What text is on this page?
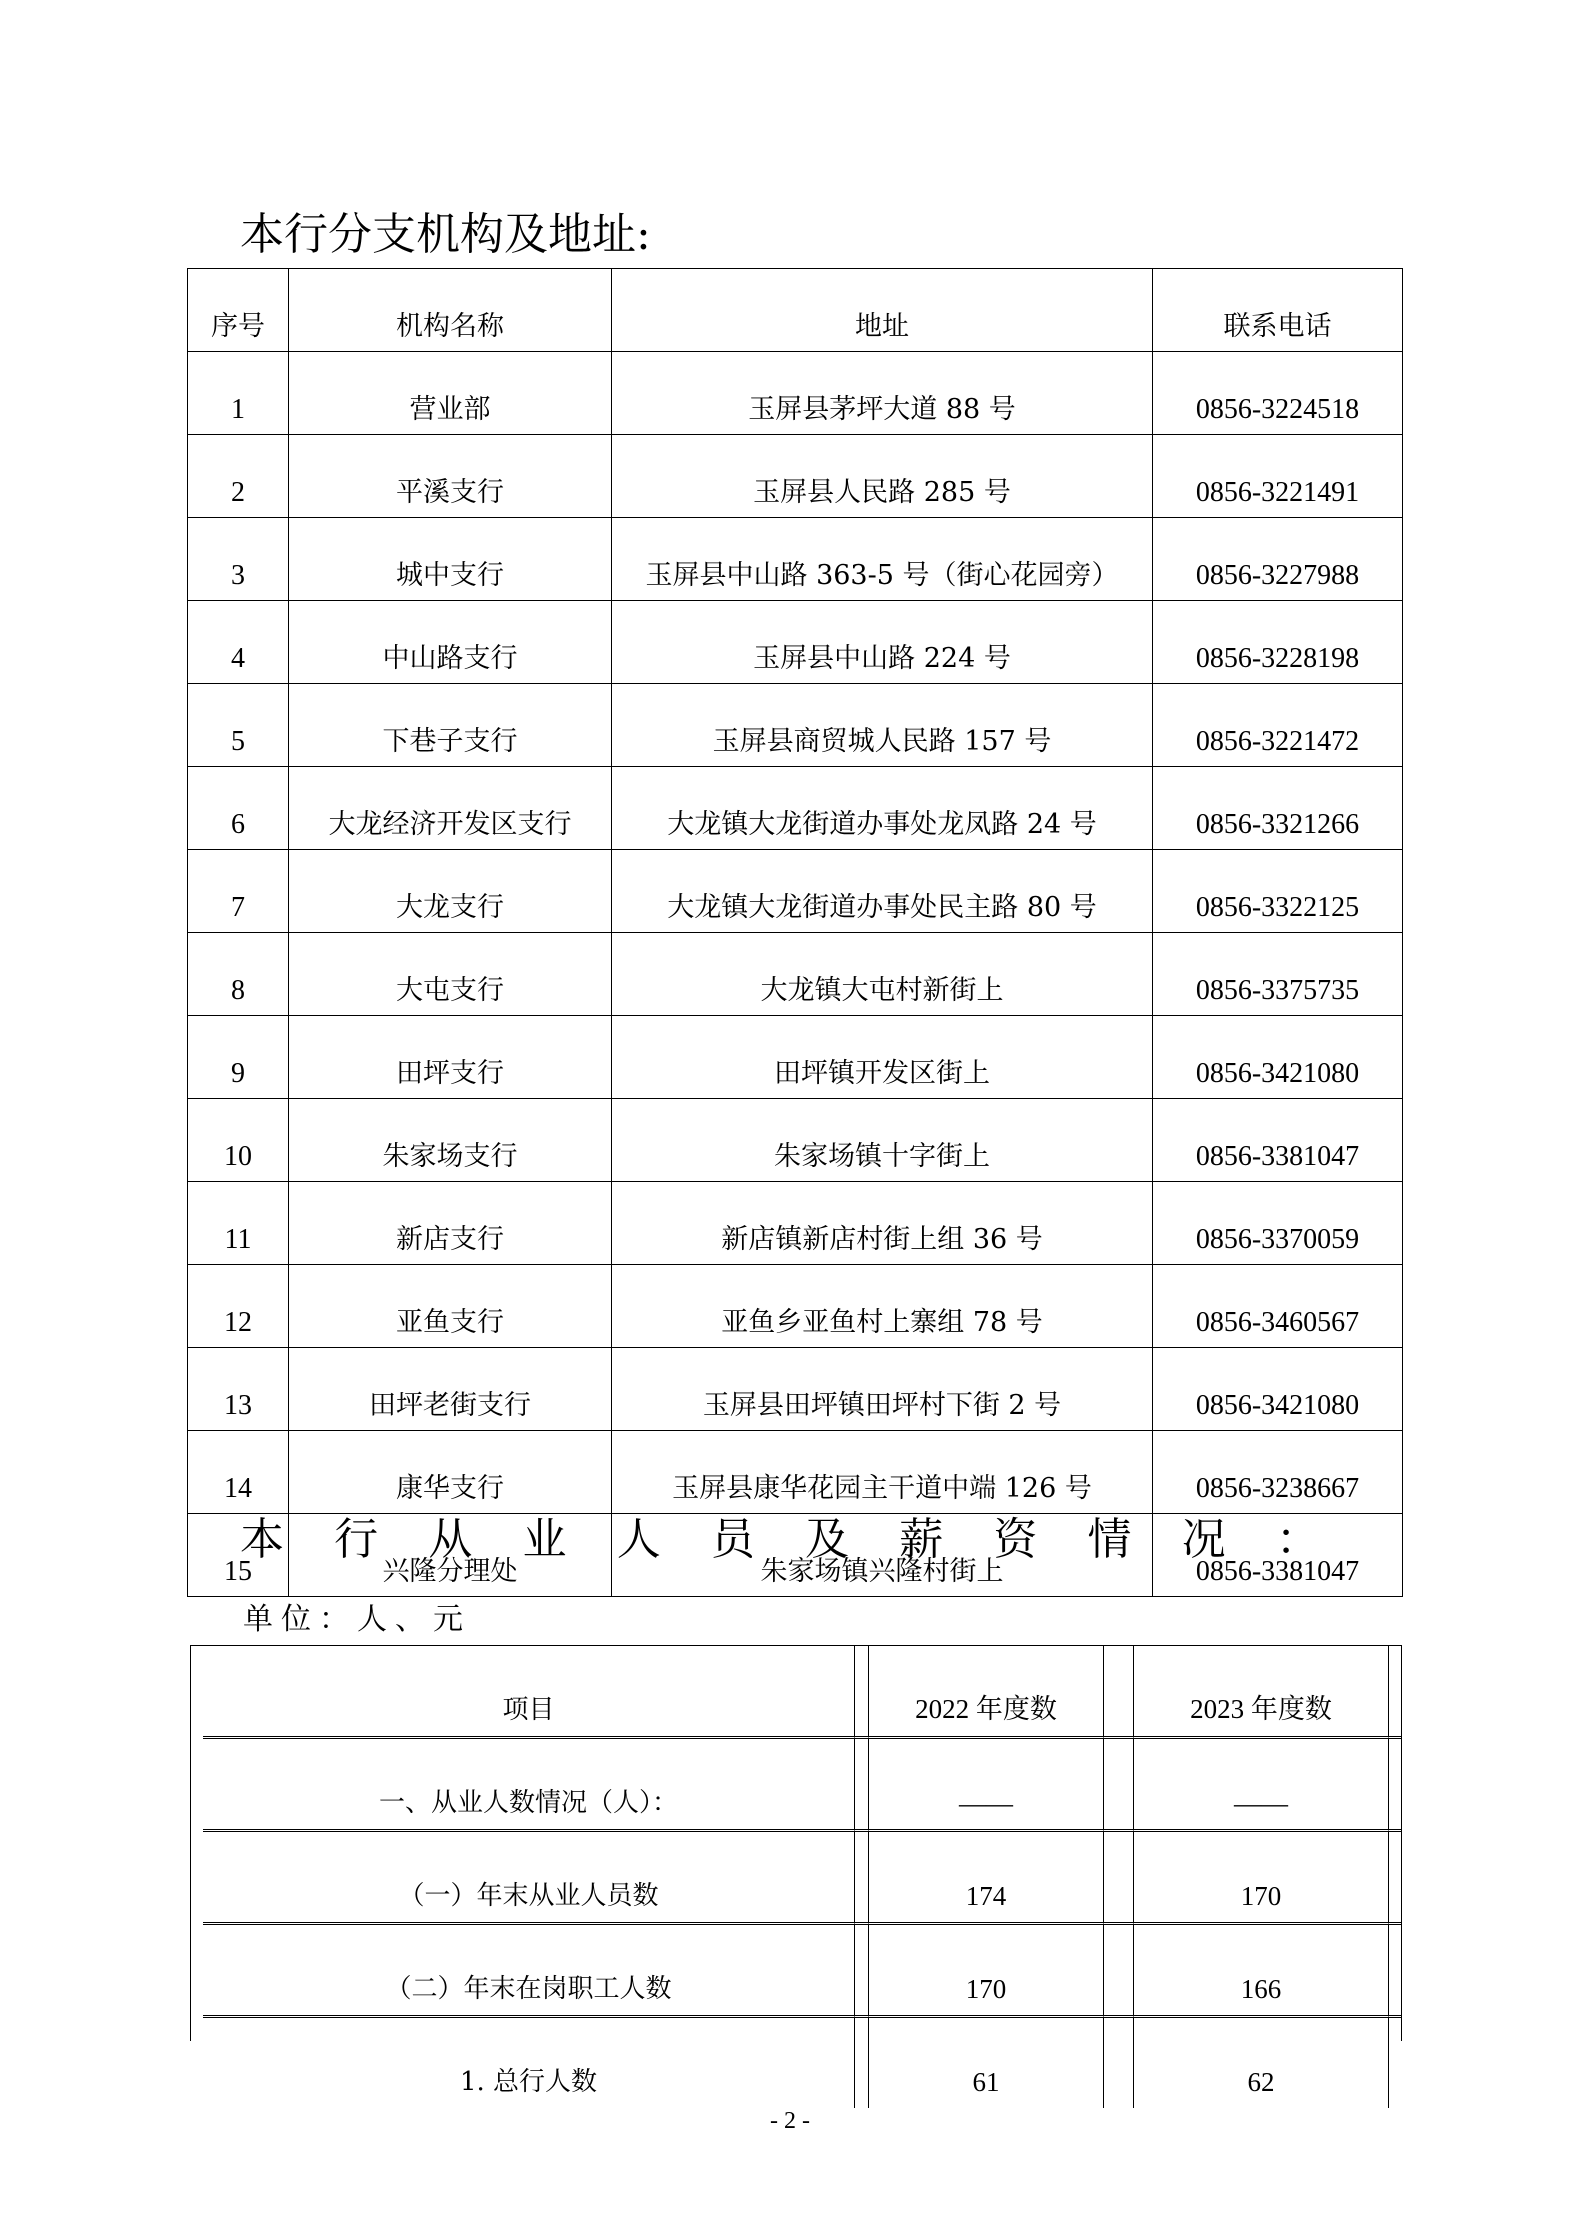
本行分支机构及地址:
序号	机构名称	地址	联系电话
1	营业部	玉屏县茅坪大道 88 号	0856-3224518
2	平溪支行	玉屏县人民路 285 号	0856-3221491
3	城中支行	玉屏县中山路 363-5 号（街心花园旁）	0856-3227988
4	中山路支行	玉屏县中山路 224 号	0856-3228198
5	下巷子支行	玉屏县商贸城人民路 157 号	0856-3221472
6	大龙经济开发区支行	大龙镇大龙街道办事处龙凤路 24 号	0856-3321266
7	大龙支行	大龙镇大龙街道办事处民主路 80 号	0856-3322125
8	大屯支行	大龙镇大屯村新街上	0856-3375735
9	田坪支行	田坪镇开发区街上	0856-3421080
10	朱家场支行	朱家场镇十字街上	0856-3381047
11	新店支行	新店镇新店村街上组 36 号	0856-3370059
12	亚鱼支行	亚鱼乡亚鱼村上寨组 78 号	0856-3460567
13	田坪老街支行	玉屏县田坪镇田坪村下街 2 号	0856-3421080
14	康华支行	玉屏县康华花园主干道中端 126 号	0856-3238667
15	兴隆分理处	朱家场镇兴隆村街上	0856-3381047
本 行 从 业 人 员 及 薪 资 情 况 ：
单位：人、元
项目		2022 年度数		2023 年度数	
一、从业人数情况（人）：		——		——	
（一）年末从业人员数		174		170	
（二）年末在岗职工人数		170		166	
1. 总行人数		61		62	
- 2 -
